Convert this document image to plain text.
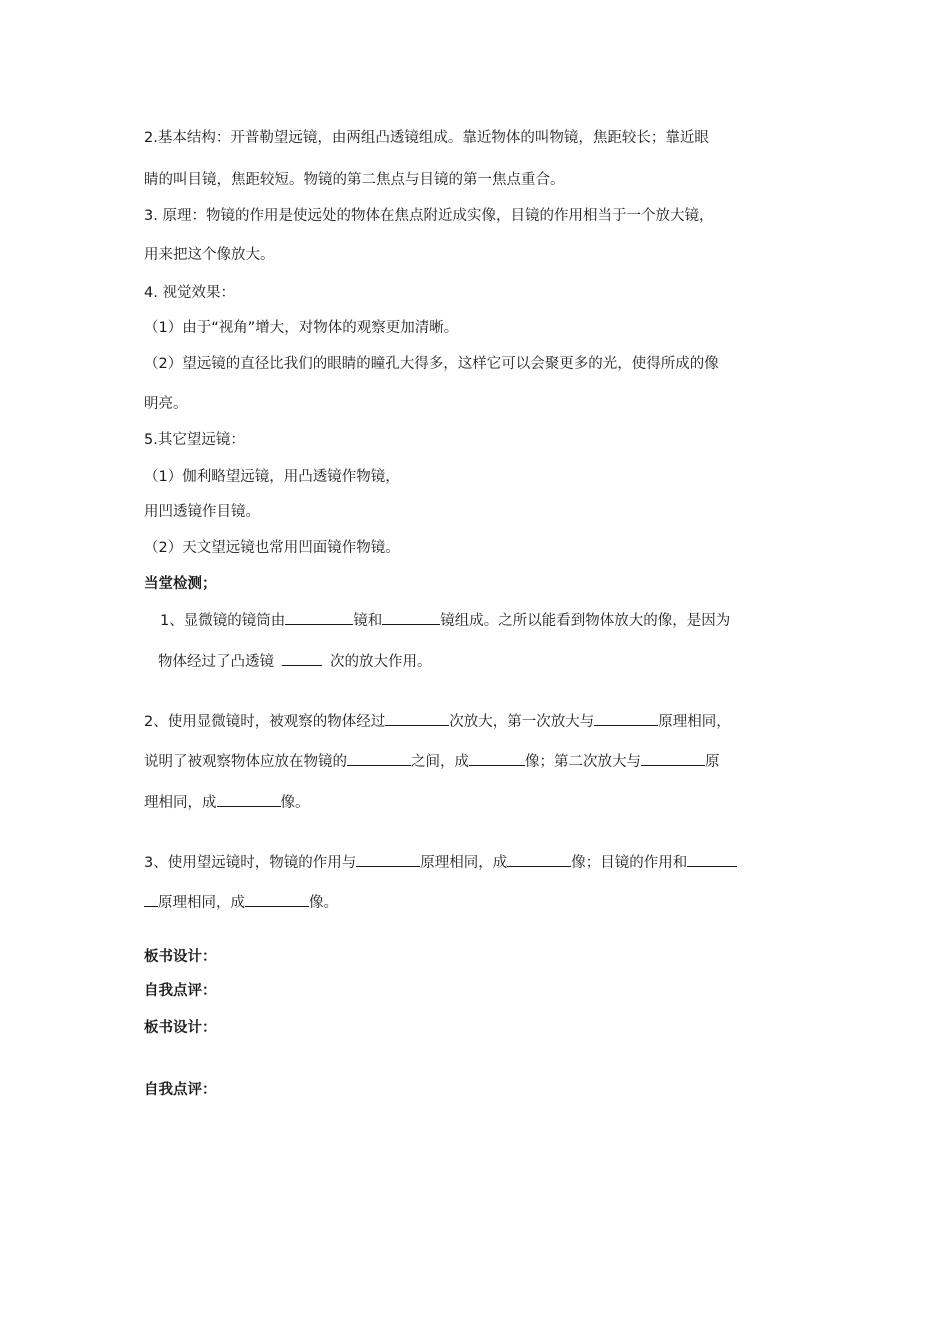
2.基本结构：开普勒望远镜，由两组凸透镜组成。靠近物体的叫物镜，焦距较长；靠近眼
睛的叫目镜，焦距较短。物镜的第二焦点与目镜的第一焦点重合。
3. 原理：物镜的作用是使远处的物体在焦点附近成实像，目镜的作用相当于一个放大镜，
用来把这个像放大。
4. 视觉效果：
（1）由于“视角”增大，对物体的观察更加清晰。
（2）望远镜的直径比我们的眼睛的瞳孔大得多，这样它可以会聚更多的光，使得所成的像
明亮。
5.其它望远镜：
（1）伽利略望远镜，用凸透镜作物镜，
用凹透镜作目镜。
（2）天文望远镜也常用凹面镜作物镜。
当堂检测；
1、显微镜的镜筒由	镜和	镜组成。之所以能看到物体放大的像，是因为
物体经过了凸透镜	次的放大作用。
2、使用显微镜时，被观察的物体经过	次放大，第一次放大与	原理相同，
说明了被观察物体应放在物镜的	之间，成	像；第二次放大与	原
理相同，成	像。
3、使用望远镜时，物镜的作用与	原理相同，成	像；目镜的作用和
原理相同，成	像。
板书设计：
自我点评：
板书设计：
自我点评：
